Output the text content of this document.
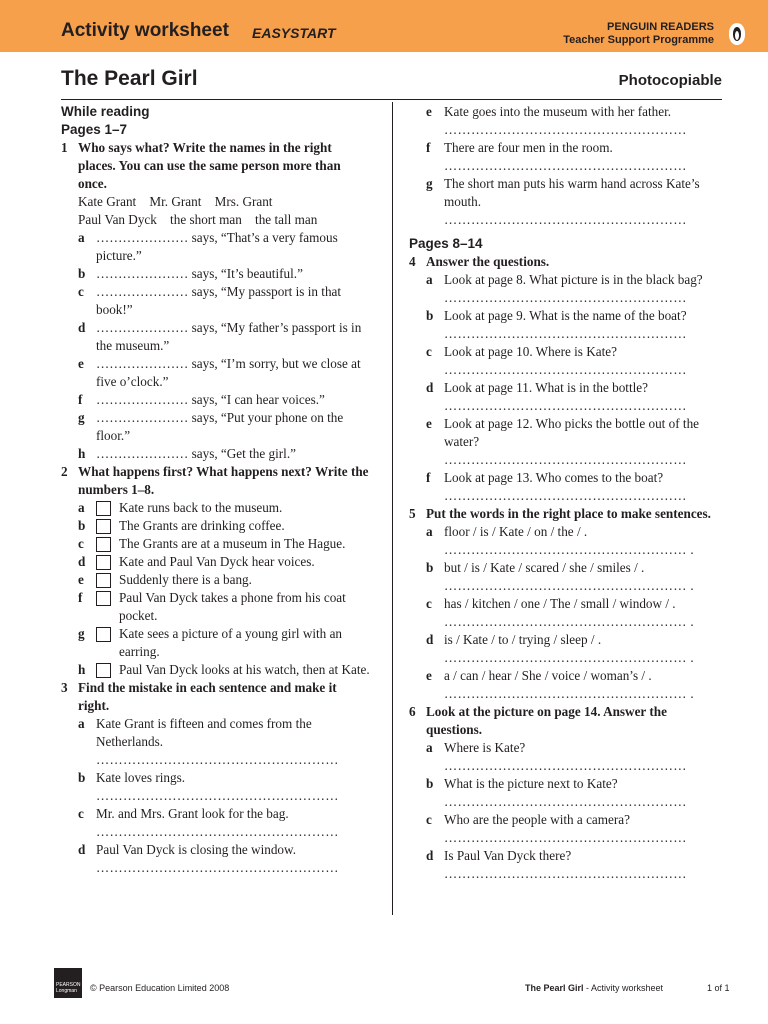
Activity worksheet EASYSTART	PENGUIN READERS
Teacher Support Programme
The Pearl Girl	Photocopiable
While reading
Pages 1–7
1 Who says what? Write the names in the right places. You can use the same person more than once.
Kate Grant    Mr. Grant    Mrs. Grant
Paul Van Dyck    the short man    the tall man
a ………………… says, “That’s a very famous picture.”
b ………………… says, “It’s beautiful.”
c ………………… says, “My passport is in that book!”
d ………………… says, “My father’s passport is in the museum.”
e ………………… says, “I’m sorry, but we close at five o’clock.”
f ………………… says, “I can hear voices.”
g ………………… says, “Put your phone on the floor.”
h ………………… says, “Get the girl.”
2 What happens first? What happens next? Write the numbers 1–8.
a	Kate runs back to the museum.
b	The Grants are drinking coffee.
c	The Grants are at a museum in The Hague.
d	Kate and Paul Van Dyck hear voices.
e	Suddenly there is a bang.
f	Paul Van Dyck takes a phone from his coat pocket.
g	Kate sees a picture of a young girl with an earring.
h	Paul Van Dyck looks at his watch, then at Kate.
3 Find the mistake in each sentence and make it right.
a Kate Grant is fifteen and comes from the Netherlands.
………………………………………………
b Kate loves rings.
………………………………………………
c Mr. and Mrs. Grant look for the bag.
………………………………………………
d Paul Van Dyck is closing the window.
………………………………………………
e Kate goes into the museum with her father.
………………………………………………
f There are four men in the room.
………………………………………………
g The short man puts his warm hand across Kate’s mouth.
………………………………………………
Pages 8–14
4 Answer the questions.
a Look at page 8. What picture is in the black bag?
………………………………………………
b Look at page 9. What is the name of the boat?
………………………………………………
c Look at page 10. Where is Kate?
………………………………………………
d Look at page 11. What is in the bottle?
………………………………………………
e Look at page 12. Who picks the bottle out of the water?
………………………………………………
f Look at page 13. Who comes to the boat?
………………………………………………
5 Put the words in the right place to make sentences.
a floor / is / Kate / on / the / .
……………………………………………… .
b but / is / Kate / scared / she / smiles / .
……………………………………………… .
c has / kitchen / one / The / small / window / .
……………………………………………… .
d is / Kate / to / trying / sleep / .
……………………………………………… .
e a / can / hear / She / voice / woman’s / .
……………………………………………… .
6 Look at the picture on page 14. Answer the questions.
a Where is Kate?
………………………………………………
b What is the picture next to Kate?
………………………………………………
c Who are the people with a camera?
………………………………………………
d Is Paul Van Dyck there?
………………………………………………
PEARSON Longman	© Pearson Education Limited 2008	The Pearl Girl - Activity worksheet	1 of 1
